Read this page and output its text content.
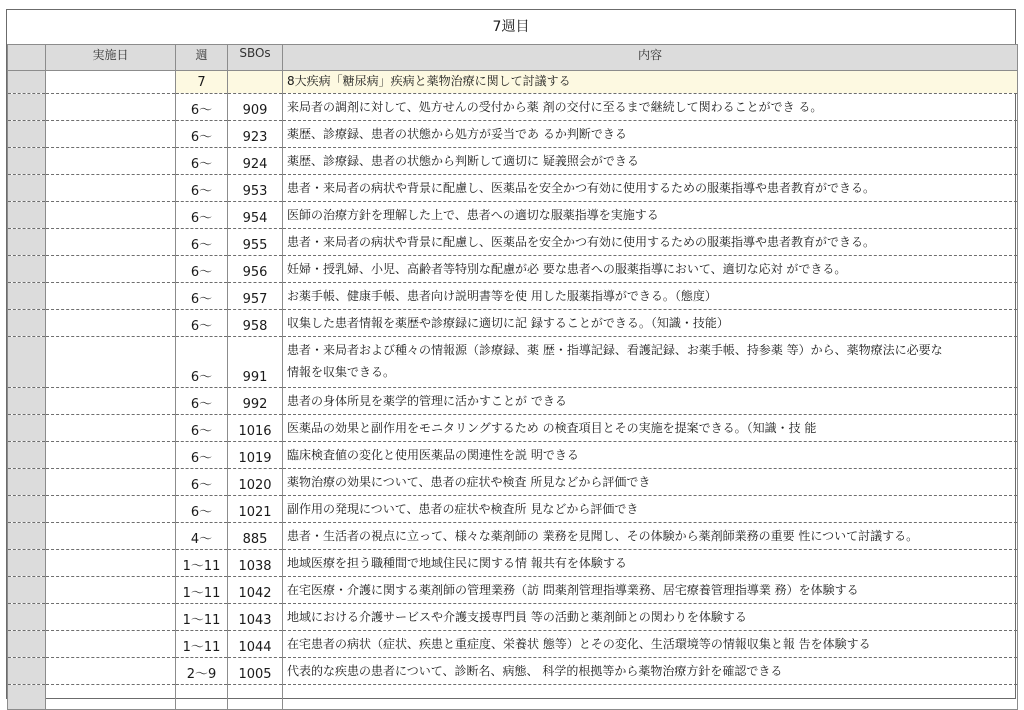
7週目
	実施日	週	SBOs	内容
		7		8大疾病「糖尿病」疾病と薬物治療に関して討議する
		6〜	909	来局者の調剤に対して、処方せんの受付から薬 剤の交付に至るまで継続して関わることができ る。

		6〜	923	薬歴、診療録、患者の状態から処方が妥当であ るか判断できる

		6〜	924	薬歴、診療録、患者の状態から判断して適切に 疑義照会ができる

		6〜	953	患者・来局者の病状や背景に配慮し、医薬品を安全かつ有効に使用するための服薬指導や患者教育ができる。

		6〜	954	医師の治療方針を理解した上で、患者への適切な服薬指導を実施する

		6〜	955	患者・来局者の病状や背景に配慮し、医薬品を安全かつ有効に使用するための服薬指導や患者教育ができる。

		6〜	956	妊婦・授乳婦、小児、高齢者等特別な配慮が必 要な患者への服薬指導において、適切な応対 ができる。

		6〜	957	お薬手帳、健康手帳、患者向け説明書等を使 用した服薬指導ができる。（態度）

		6〜	958	収集した患者情報を薬歴や診療録に適切に記 録することができる。（知識・技能）

		6〜	991	患者・来局者および種々の情報源（診療録、薬 歴・指導記録、看護記録、お薬手帳、持参薬 等）から、薬物療法に必要な
情報を収集できる。

		6〜	992	患者の身体所見を薬学的管理に活かすことが できる

		6〜	1016	医薬品の効果と副作用をモニタリングするため の検査項目とその実施を提案できる。（知識・技 能

		6〜	1019	臨床検査値の変化と使用医薬品の関連性を説 明できる

		6〜	1020	薬物治療の効果について、患者の症状や検査 所見などから評価でき

		6〜	1021	副作用の発現について、患者の症状や検査所 見などから評価でき

		4〜	885	患者・生活者の視点に立って、様々な薬剤師の 業務を見聞し、その体験から薬剤師業務の重要 性について討議する。

		1〜11	1038	地域医療を担う職種間で地域住民に関する情 報共有を体験する

		1〜11	1042	在宅医療・介護に関する薬剤師の管理業務（訪 問薬剤管理指導業務、居宅療養管理指導業 務）を体験する

		1〜11	1043	地域における介護サービスや介護支援専門員 等の活動と薬剤師との関わりを体験する

		1〜11	1044	在宅患者の病状（症状、疾患と重症度、栄養状 態等）とその変化、生活環境等の情報収集と報 告を体験する

		2〜9	1005	代表的な疾患の患者について、診断名、病態、 科学的根拠等から薬物治療方針を確認できる
